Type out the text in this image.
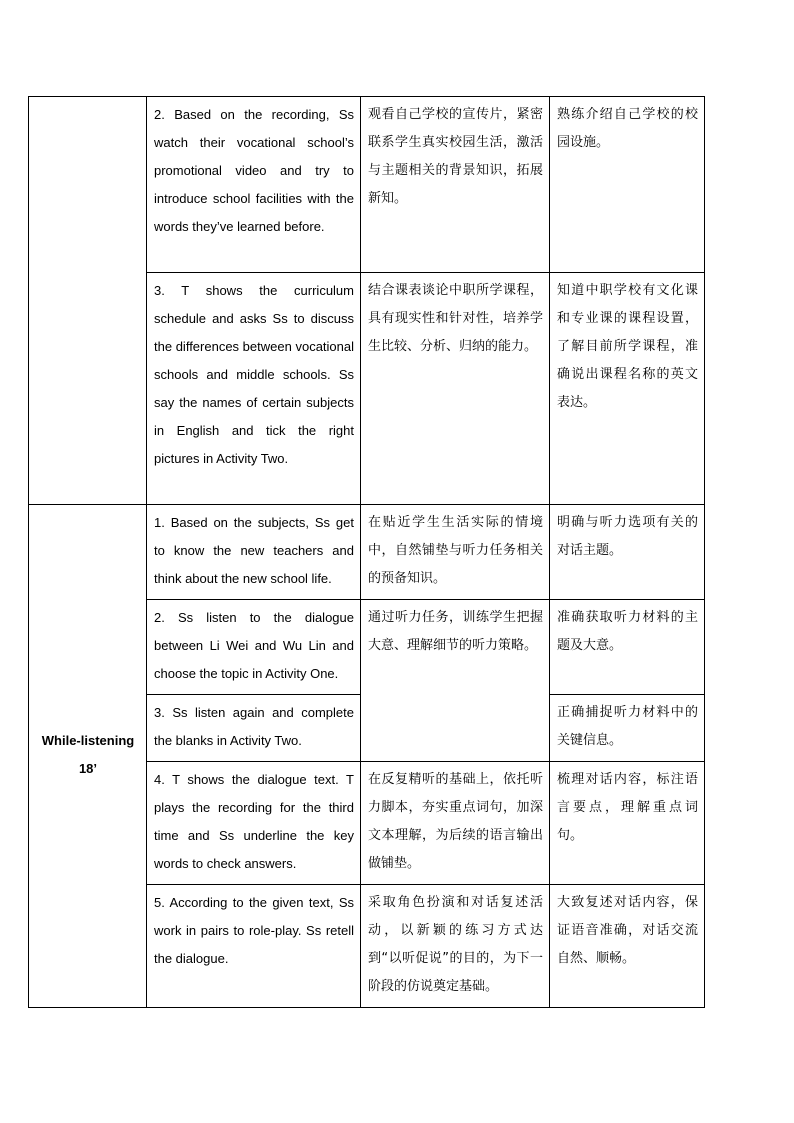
	2. Based on the recording, Ss watch their vocational school’s promotional video and try to introduce school facilities with the words they’ve learned before.	观看自己学校的宣传片，紧密联系学生真实校园生活，激活与主题相关的背景知识，拓展新知。	熟练介绍自己学校的校园设施。
	3. T shows the curriculum schedule and asks Ss to discuss the differences between vocational schools and middle schools. Ss say the names of certain subjects in English and tick the right pictures in Activity Two.	结合课表谈论中职所学课程，具有现实性和针对性，培养学生比较、分析、归纳的能力。	知道中职学校有文化课和专业课的课程设置，了解目前所学课程，准确说出课程名称的英文表达。
While-listening
18’	1. Based on the subjects, Ss get to know the new teachers and think about the new school life.	在贴近学生生活实际的情境中，自然铺垫与听力任务相关的预备知识。	明确与听力选项有关的对话主题。
	2. Ss listen to the dialogue between Li Wei and Wu Lin and choose the topic in Activity One.	通过听力任务，训练学生把握大意、理解细节的听力策略。	准确获取听力材料的主题及大意。
	3. Ss listen again and complete the blanks in Activity Two.		正确捕捉听力材料中的关键信息。
	4. T shows the dialogue text. T plays the recording for the third time and Ss underline the key words to check answers.	在反复精听的基础上，依托听力脚本，夯实重点词句，加深文本理解，为后续的语言输出做铺垫。	梳理对话内容，标注语言要点，理解重点词句。
	5. According to the given text, Ss work in pairs to role-play. Ss retell the dialogue.	采取角色扮演和对话复述活动，以新颖的练习方式达到“以听促说”的目的，为下一阶段的仿说奠定基础。	大致复述对话内容，保证语音准确，对话交流自然、顺畅。
